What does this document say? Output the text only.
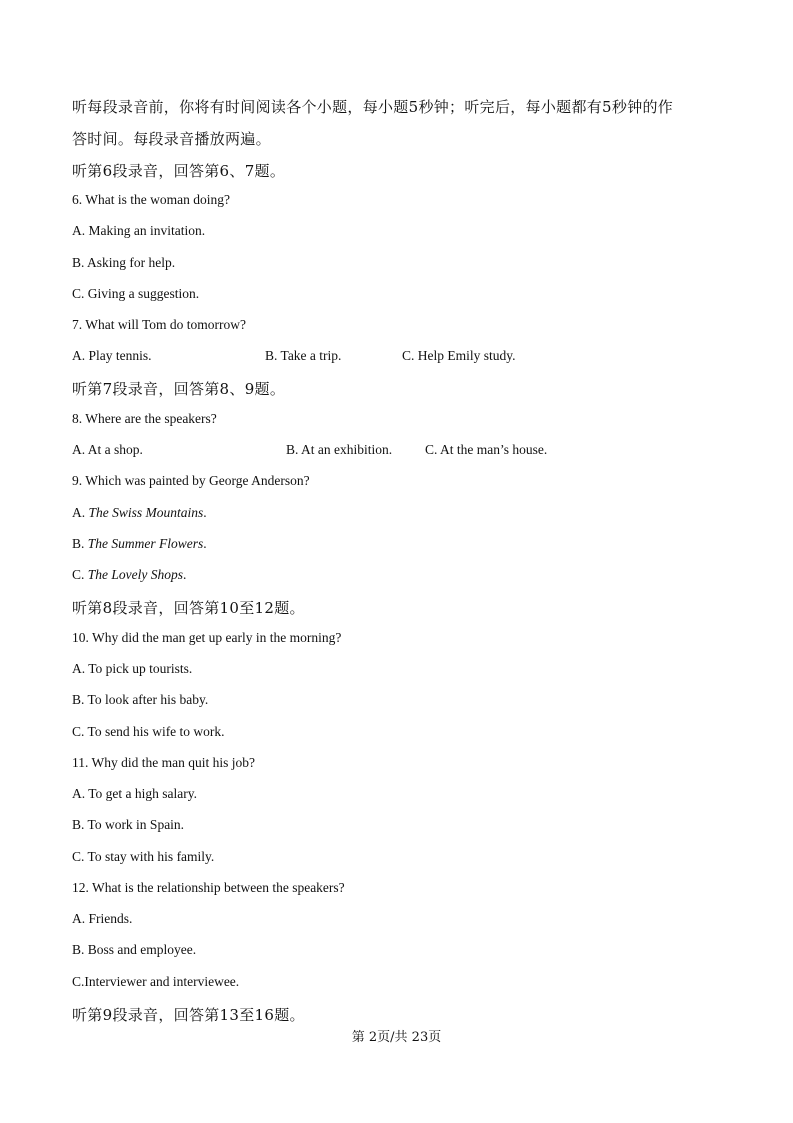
听每段录音前，你将有时间阅读各个小题，每小题5秒钟；听完后，每小题都有5秒钟的作
答时间。每段录音播放两遍。
听第6段录音，回答第6、7题。
6. What is the woman doing?
A. Making an invitation.
B. Asking for help.
C. Giving a suggestion.
7. What will Tom do tomorrow?
A. Play tennis.	B. Take a trip.	C. Help Emily study.
听第7段录音，回答第8、9题。
8. Where are the speakers?
A. At a shop.	B. At an exhibition. C. At the man’s house.
9. Which was painted by George Anderson?
A. The Swiss Mountains.
B. The Summer Flowers.
C. The Lovely Shops.
听第8段录音，回答第10至12题。
10. Why did the man get up early in the morning?
A. To pick up tourists.
B. To look after his baby.
C. To send his wife to work.
11. Why did the man quit his job?
A. To get a high salary.
B. To work in Spain.
C. To stay with his family.
12. What is the relationship between the speakers?
A. Friends.
B. Boss and employee.
C.Interviewer and interviewee.
听第9段录音，回答第13至16题。
第 2页/共 23页
